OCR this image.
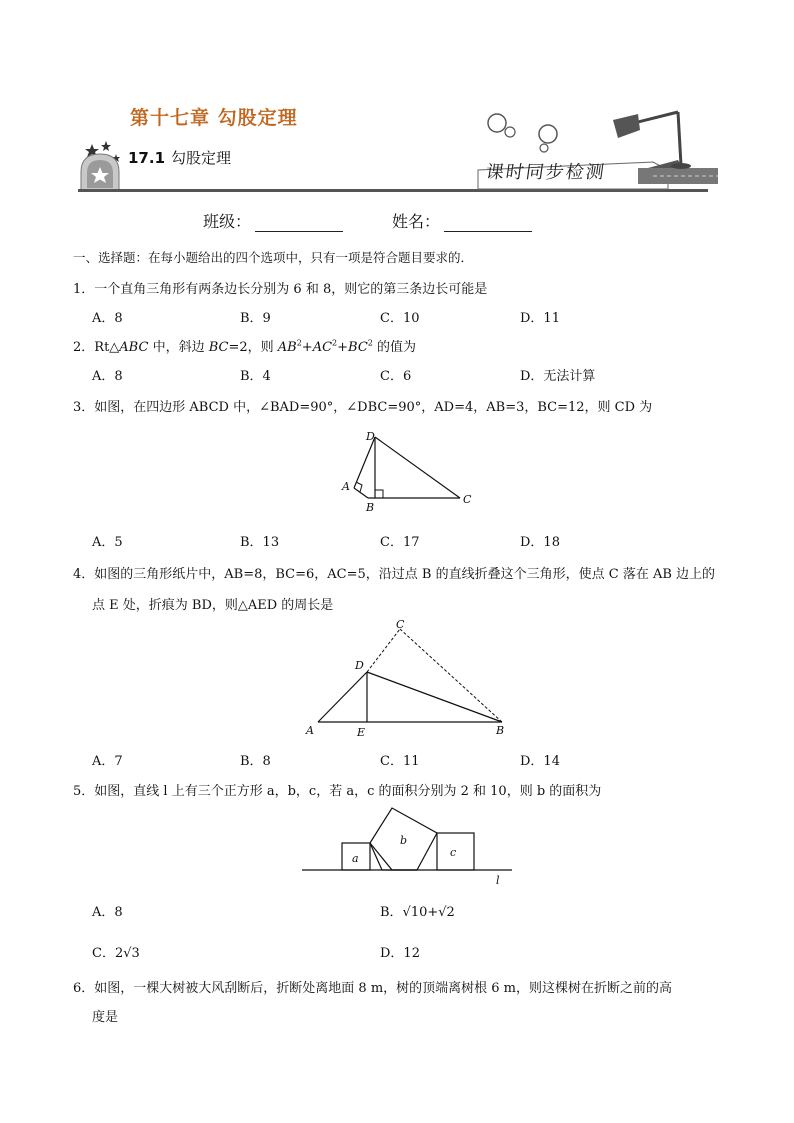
第十七章 勾股定理
17.1 勾股定理
课时同步检测
班级：	姓名：
一、选择题：在每小题给出的四个选项中，只有一项是符合题目要求的．
1．一个直角三角形有两条边长分别为 6 和 8，则它的第三条边长可能是
A．8	B．9	C．10	D．11
2．Rt△ABC 中，斜边 BC=2，则 $AB^2+AC^2+BC^2$ 的值为
A．8	B．4	C．6	D．无法计算
3．如图，在四边形 ABCD 中，∠BAD=90°，∠DBC=90°，AD=4，AB=3，BC=12，则 CD 为
D
A
B
C
A．5	B．13	C．17	D．18
4．如图的三角形纸片中，AB=8，BC=6，AC=5，沿过点 B 的直线折叠这个三角形，使点 C 落在 AB 边上的
点 E 处，折痕为 BD，则△AED 的周长是
C
D
A	E	B
A．7	B．8	C．11	D．14
5．如图，直线 l 上有三个正方形 a，b，c，若 a，c 的面积分别为 2 和 10，则 b 的面积为
a
b
c
l
A．8	B．√10+√2
C．2√3	D．12
6．如图，一棵大树被大风刮断后，折断处离地面 8 m，树的顶端离树根 6 m，则这棵树在折断之前的高
度是
